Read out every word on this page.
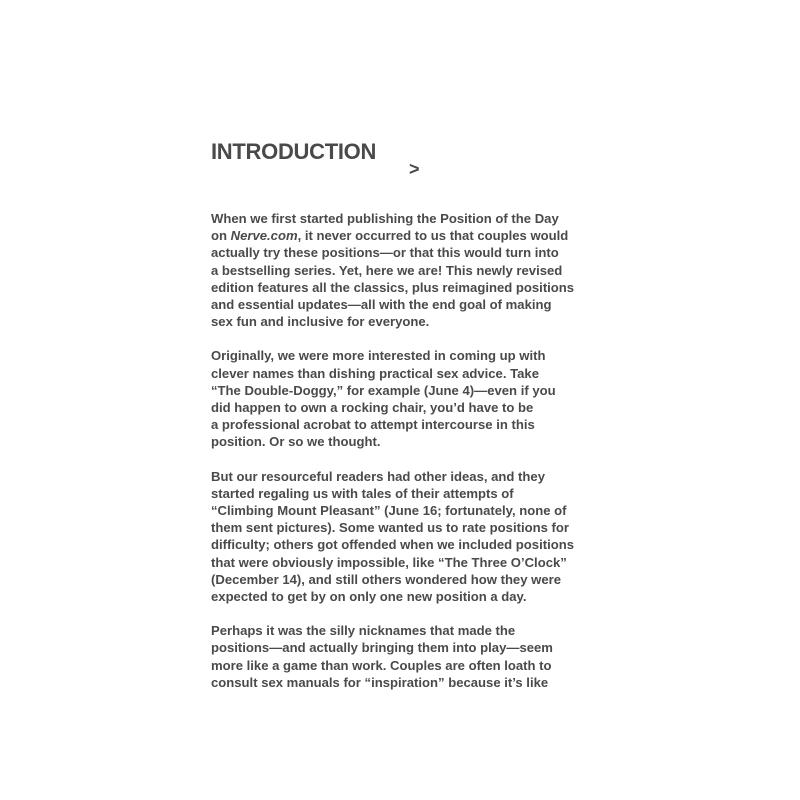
INTRODUCTION
>

When we first started publishing the Position of the Day
on Nerve.com, it never occurred to us that couples would
actually try these positions—or that this would turn into
a bestselling series. Yet, here we are! This newly revised
edition features all the classics, plus reimagined positions
and essential updates—all with the end goal of making
sex fun and inclusive for everyone.

Originally, we were more interested in coming up with
clever names than dishing practical sex advice. Take
“The Double-Doggy,” for example (June 4)—even if you
did happen to own a rocking chair, you’d have to be
a professional acrobat to attempt intercourse in this
position. Or so we thought.

But our resourceful readers had other ideas, and they
started regaling us with tales of their attempts of
“Climbing Mount Pleasant” (June 16; fortunately, none of
them sent pictures). Some wanted us to rate positions for
difficulty; others got offended when we included positions
that were obviously impossible, like “The Three O’Clock”
(December 14), and still others wondered how they were
expected to get by on only one new position a day.

Perhaps it was the silly nicknames that made the
positions—and actually bringing them into play—seem
more like a game than work. Couples are often loath to
consult sex manuals for “inspiration” because it’s like
